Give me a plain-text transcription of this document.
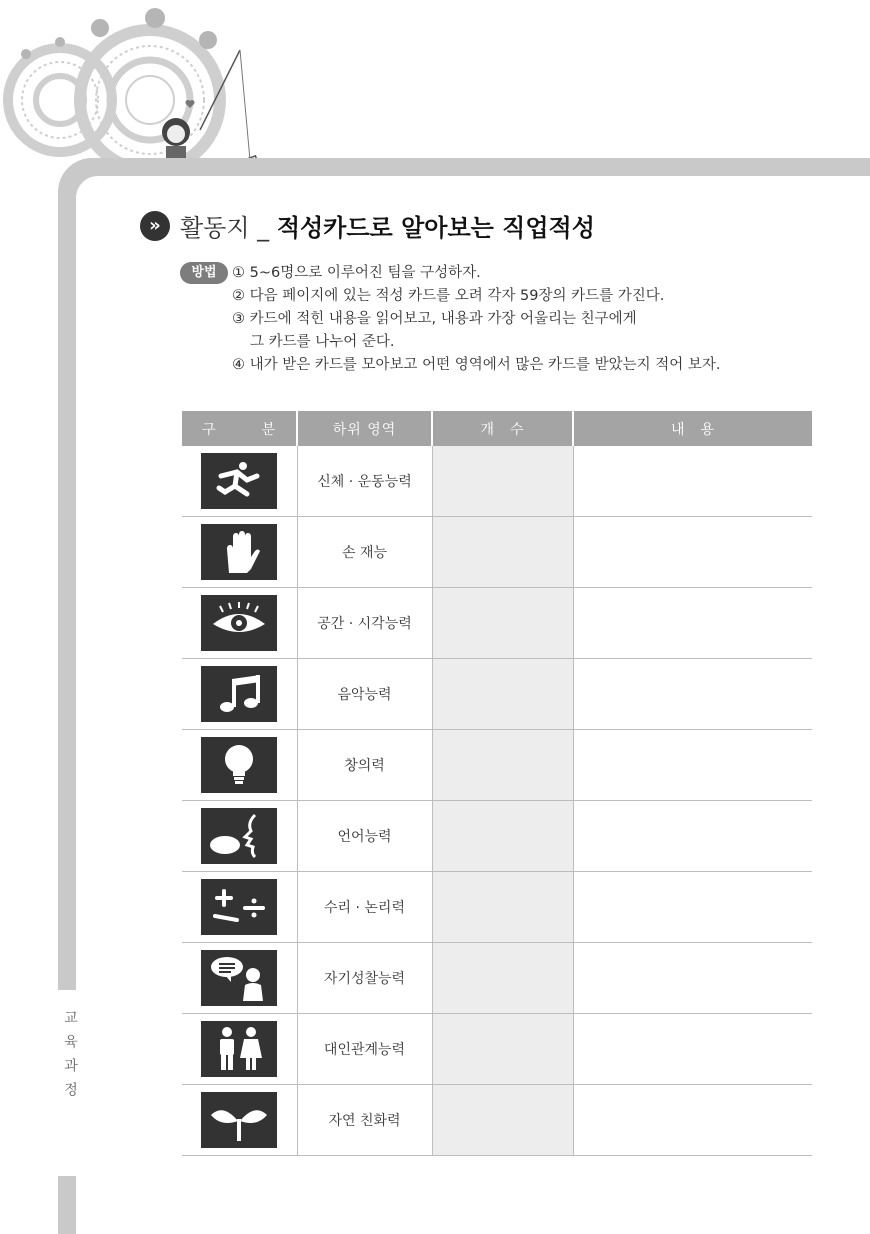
교육과정
» 활동지 _ 적성카드로 알아보는 직업적성
방법	① 5~6명으로 이루어진 팀을 구성하자.
② 다음 페이지에 있는 적성 카드를 오려 각자 59장의 카드를 가진다.
③ 카드에 적힌 내용을 읽어보고, 내용과 가장 어울리는 친구에게
그 카드를 나누어 준다.
④ 내가 받은 카드를 모아보고 어떤 영역에서 많은 카드를 받았는지 적어 보자.
구　　　분	하위 영역	개　수	내　용

	신체 · 운동능력		

	손 재능		

	공간 · 시각능력		

	음악능력		

	창의력		

	언어능력		

	수리 · 논리력		

	자기성찰능력		

	대인관계능력		

	자연 친화력		
